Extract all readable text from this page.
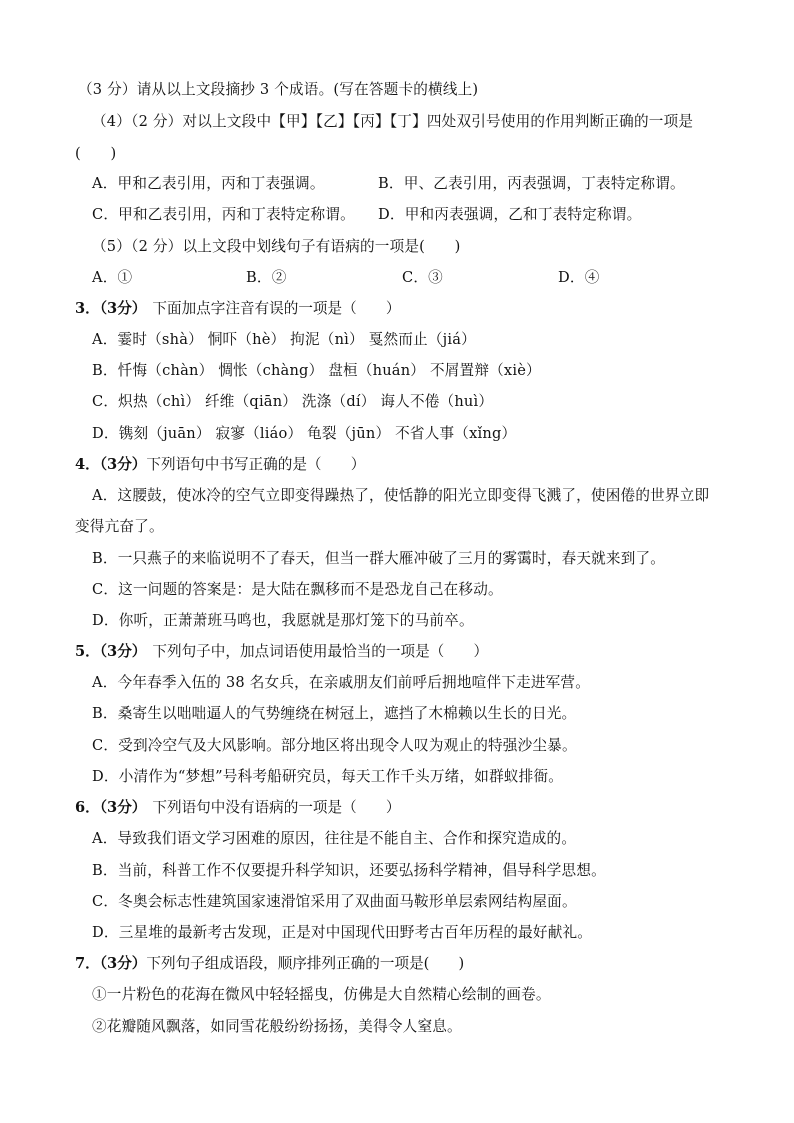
（3 分）请从以上文段摘抄 3 个成语。(写在答题卡的横线上)
（4）（2 分）对以上文段中【甲】【乙】【丙】【丁】四处双引号使用的作用判断正确的一项是
(　　)
A．甲和乙表引用，丙和丁表强调。	B．甲、乙表引用，丙表强调，丁表特定称谓。
C．甲和乙表引用，丙和丁表特定称谓。 D．甲和丙表强调，乙和丁表特定称谓。
（5）（2 分）以上文段中划线句子有语病的一项是(　　)
A．①	B．②	C．③	D．④
3．（3分） 下面加点字注音有误的一项是（　　）
A．霎时（shà） 恫吓（hè） 拘泥（nì） 戛然而止（jiá）
B．忏悔（chàn） 惆怅（chàng） 盘桓（huán） 不屑置辩（xiè）
C．炽热（chì） 纤维（qiān） 洗涤（dí） 诲人不倦（huì）
D．镌刻（juān） 寂寥（liáo） 龟裂（jūn） 不省人事（xǐng）
4．（3分）下列语句中书写正确的是（　　）
A．这腰鼓，使冰冷的空气立即变得躁热了，使恬静的阳光立即变得飞溅了，使困倦的世界立即
变得亢奋了。
B．一只燕子的来临说明不了春天，但当一群大雁冲破了三月的雾霭时，春天就来到了。
C．这一问题的答案是：是大陆在飘移而不是恐龙自己在移动。
D．你听，正萧萧班马鸣也，我愿就是那灯笼下的马前卒。
5．（3分） 下列句子中，加点词语使用最恰当的一项是（　　）
A．今年春季入伍的 38 名女兵，在亲戚朋友们前呼后拥地喧伴下走进军营。
B．桑寄生以咄咄逼人的气势缠绕在树冠上，遮挡了木棉赖以生长的日光。
C．受到冷空气及大风影响。部分地区将出现令人叹为观止的特强沙尘暴。
D．小清作为“梦想”号科考船研究员，每天工作千头万绪，如群蚁排衙。
6．（3分） 下列语句中没有语病的一项是（　　）
A．导致我们语文学习困难的原因，往往是不能自主、合作和探究造成的。
B．当前，科普工作不仅要提升科学知识，还要弘扬科学精神，倡导科学思想。
C．冬奥会标志性建筑国家速滑馆采用了双曲面马鞍形单层索网结构屋面。
D．三星堆的最新考古发现，正是对中国现代田野考古百年历程的最好献礼。
7．（3分）下列句子组成语段，顺序排列正确的一项是(　　)
①一片粉色的花海在微风中轻轻摇曳，仿佛是大自然精心绘制的画卷。
②花瓣随风飘落，如同雪花般纷纷扬扬，美得令人窒息。
